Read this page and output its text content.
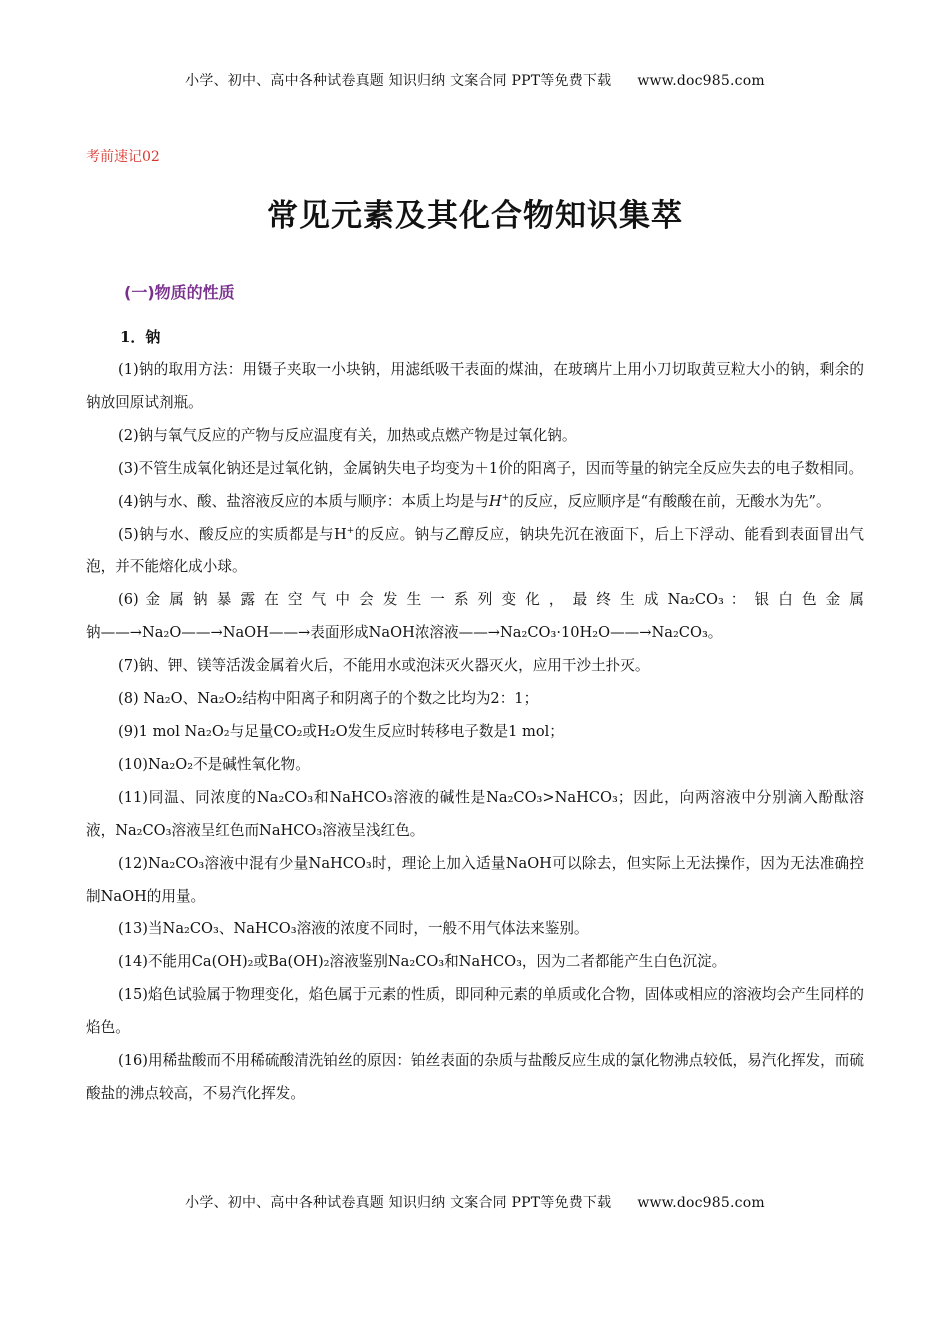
小学、初中、高中各种试卷真题 知识归纳 文案合同 PPT等免费下载 www.doc985.com
考前速记02
常见元素及其化合物知识集萃
(一)物质的性质
1．钠

(1)钠的取用方法：用镊子夹取一小块钠，用滤纸吸干表面的煤油，在玻璃片上用小刀切取黄豆粒大小的钠，剩余的钠放回原试剂瓶。

(2)钠与氧气反应的产物与反应温度有关，加热或点燃产物是过氧化钠。

(3)不管生成氧化钠还是过氧化钠，金属钠失电子均变为＋1价的阳离子，因而等量的钠完全反应失去的电子数相同。

(4)钠与水、酸、盐溶液反应的本质与顺序：本质上均是与H+的反应，反应顺序是“有酸酸在前，无酸水为先”。

(5)钠与水、酸反应的实质都是与H+的反应。钠与乙醇反应，钠块先沉在液面下，后上下浮动、能看到表面冒出气泡，并不能熔化成小球。

(6) 金 属 钠 暴 露 在 空 气 中 会 发 生 一 系 列 变 化 ， 最 终 生 成 Na₂CO₃ ： 银 白 色 金 属

钠——→Na₂O——→NaOH——→表面形成NaOH浓溶液——→Na₂CO₃·10H₂O——→Na₂CO₃。

(7)钠、钾、镁等活泼金属着火后，不能用水或泡沫灭火器灭火，应用干沙土扑灭。

(8) Na₂O、Na₂O₂结构中阳离子和阴离子的个数之比均为2：1；

(9)1 mol Na₂O₂与足量CO₂或H₂O发生反应时转移电子数是1 mol；

(10)Na₂O₂不是碱性氧化物。

(11)同温、同浓度的Na₂CO₃和NaHCO₃溶液的碱性是Na₂CO₃>NaHCO₃；因此，向两溶液中分别滴入酚酞溶液，Na₂CO₃溶液呈红色而NaHCO₃溶液呈浅红色。

(12)Na₂CO₃溶液中混有少量NaHCO₃时，理论上加入适量NaOH可以除去，但实际上无法操作，因为无法准确控制NaOH的用量。

(13)当Na₂CO₃、NaHCO₃溶液的浓度不同时，一般不用气体法来鉴别。

(14)不能用Ca(OH)₂或Ba(OH)₂溶液鉴别Na₂CO₃和NaHCO₃，因为二者都能产生白色沉淀。

(15)焰色试验属于物理变化，焰色属于元素的性质，即同种元素的单质或化合物，固体或相应的溶液均会产生同样的焰色。

(16)用稀盐酸而不用稀硫酸清洗铂丝的原因：铂丝表面的杂质与盐酸反应生成的氯化物沸点较低，易汽化挥发，而硫酸盐的沸点较高，不易汽化挥发。

小学、初中、高中各种试卷真题 知识归纳 文案合同 PPT等免费下载 www.doc985.com
